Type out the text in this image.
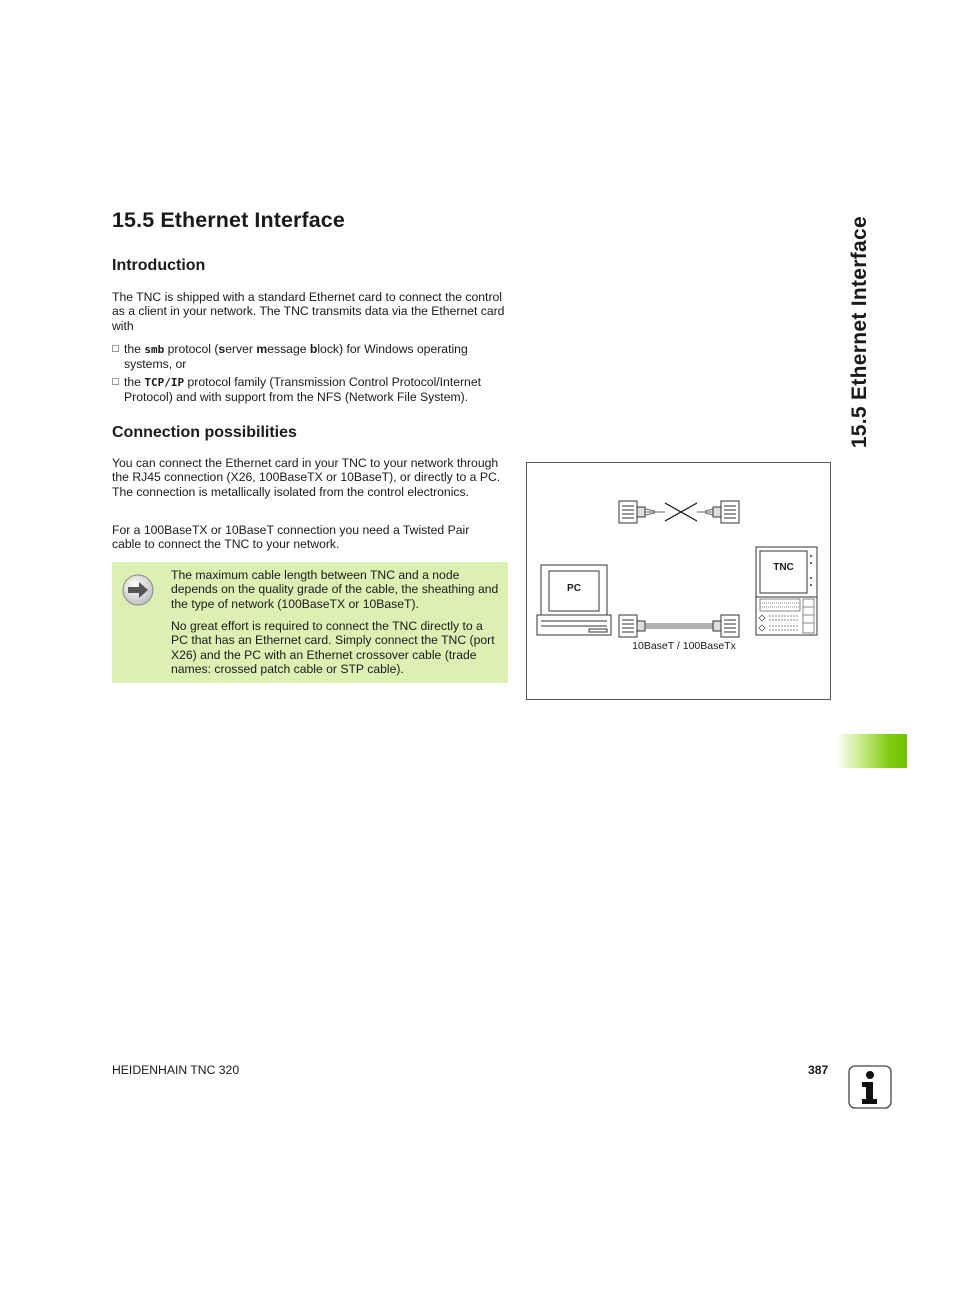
15.5 Ethernet Interface
Introduction

The TNC is shipped with a standard Ethernet card to connect the control as a client in your network. The TNC transmits data via the Ethernet card with

the smb protocol (server message block) for Windows operating systems, or
the TCP/IP protocol family (Transmission Control Protocol/Internet Protocol) and with support from the NFS (Network File System).
Connection possibilities

You can connect the Ethernet card in your TNC to your network through the RJ45 connection (X26, 100BaseTX or 10BaseT), or directly to a PC. The connection is metallically isolated from the control electronics.

For a 100BaseTX or 10BaseT connection you need a Twisted Pair cable to connect the TNC to your network.

The maximum cable length between TNC and a node depends on the quality grade of the cable, the sheathing and the type of network (100BaseTX or 10BaseT).

No great effort is required to connect the TNC directly to a PC that has an Ethernet card. Simply connect the TNC (port X26) and the PC with an Ethernet crossover cable (trade names: crossed patch cable or STP cable).

PC
TNC
10BaseT / 100BaseTx
15.5 Ethernet Interface
HEIDENHAIN TNC 320	387
